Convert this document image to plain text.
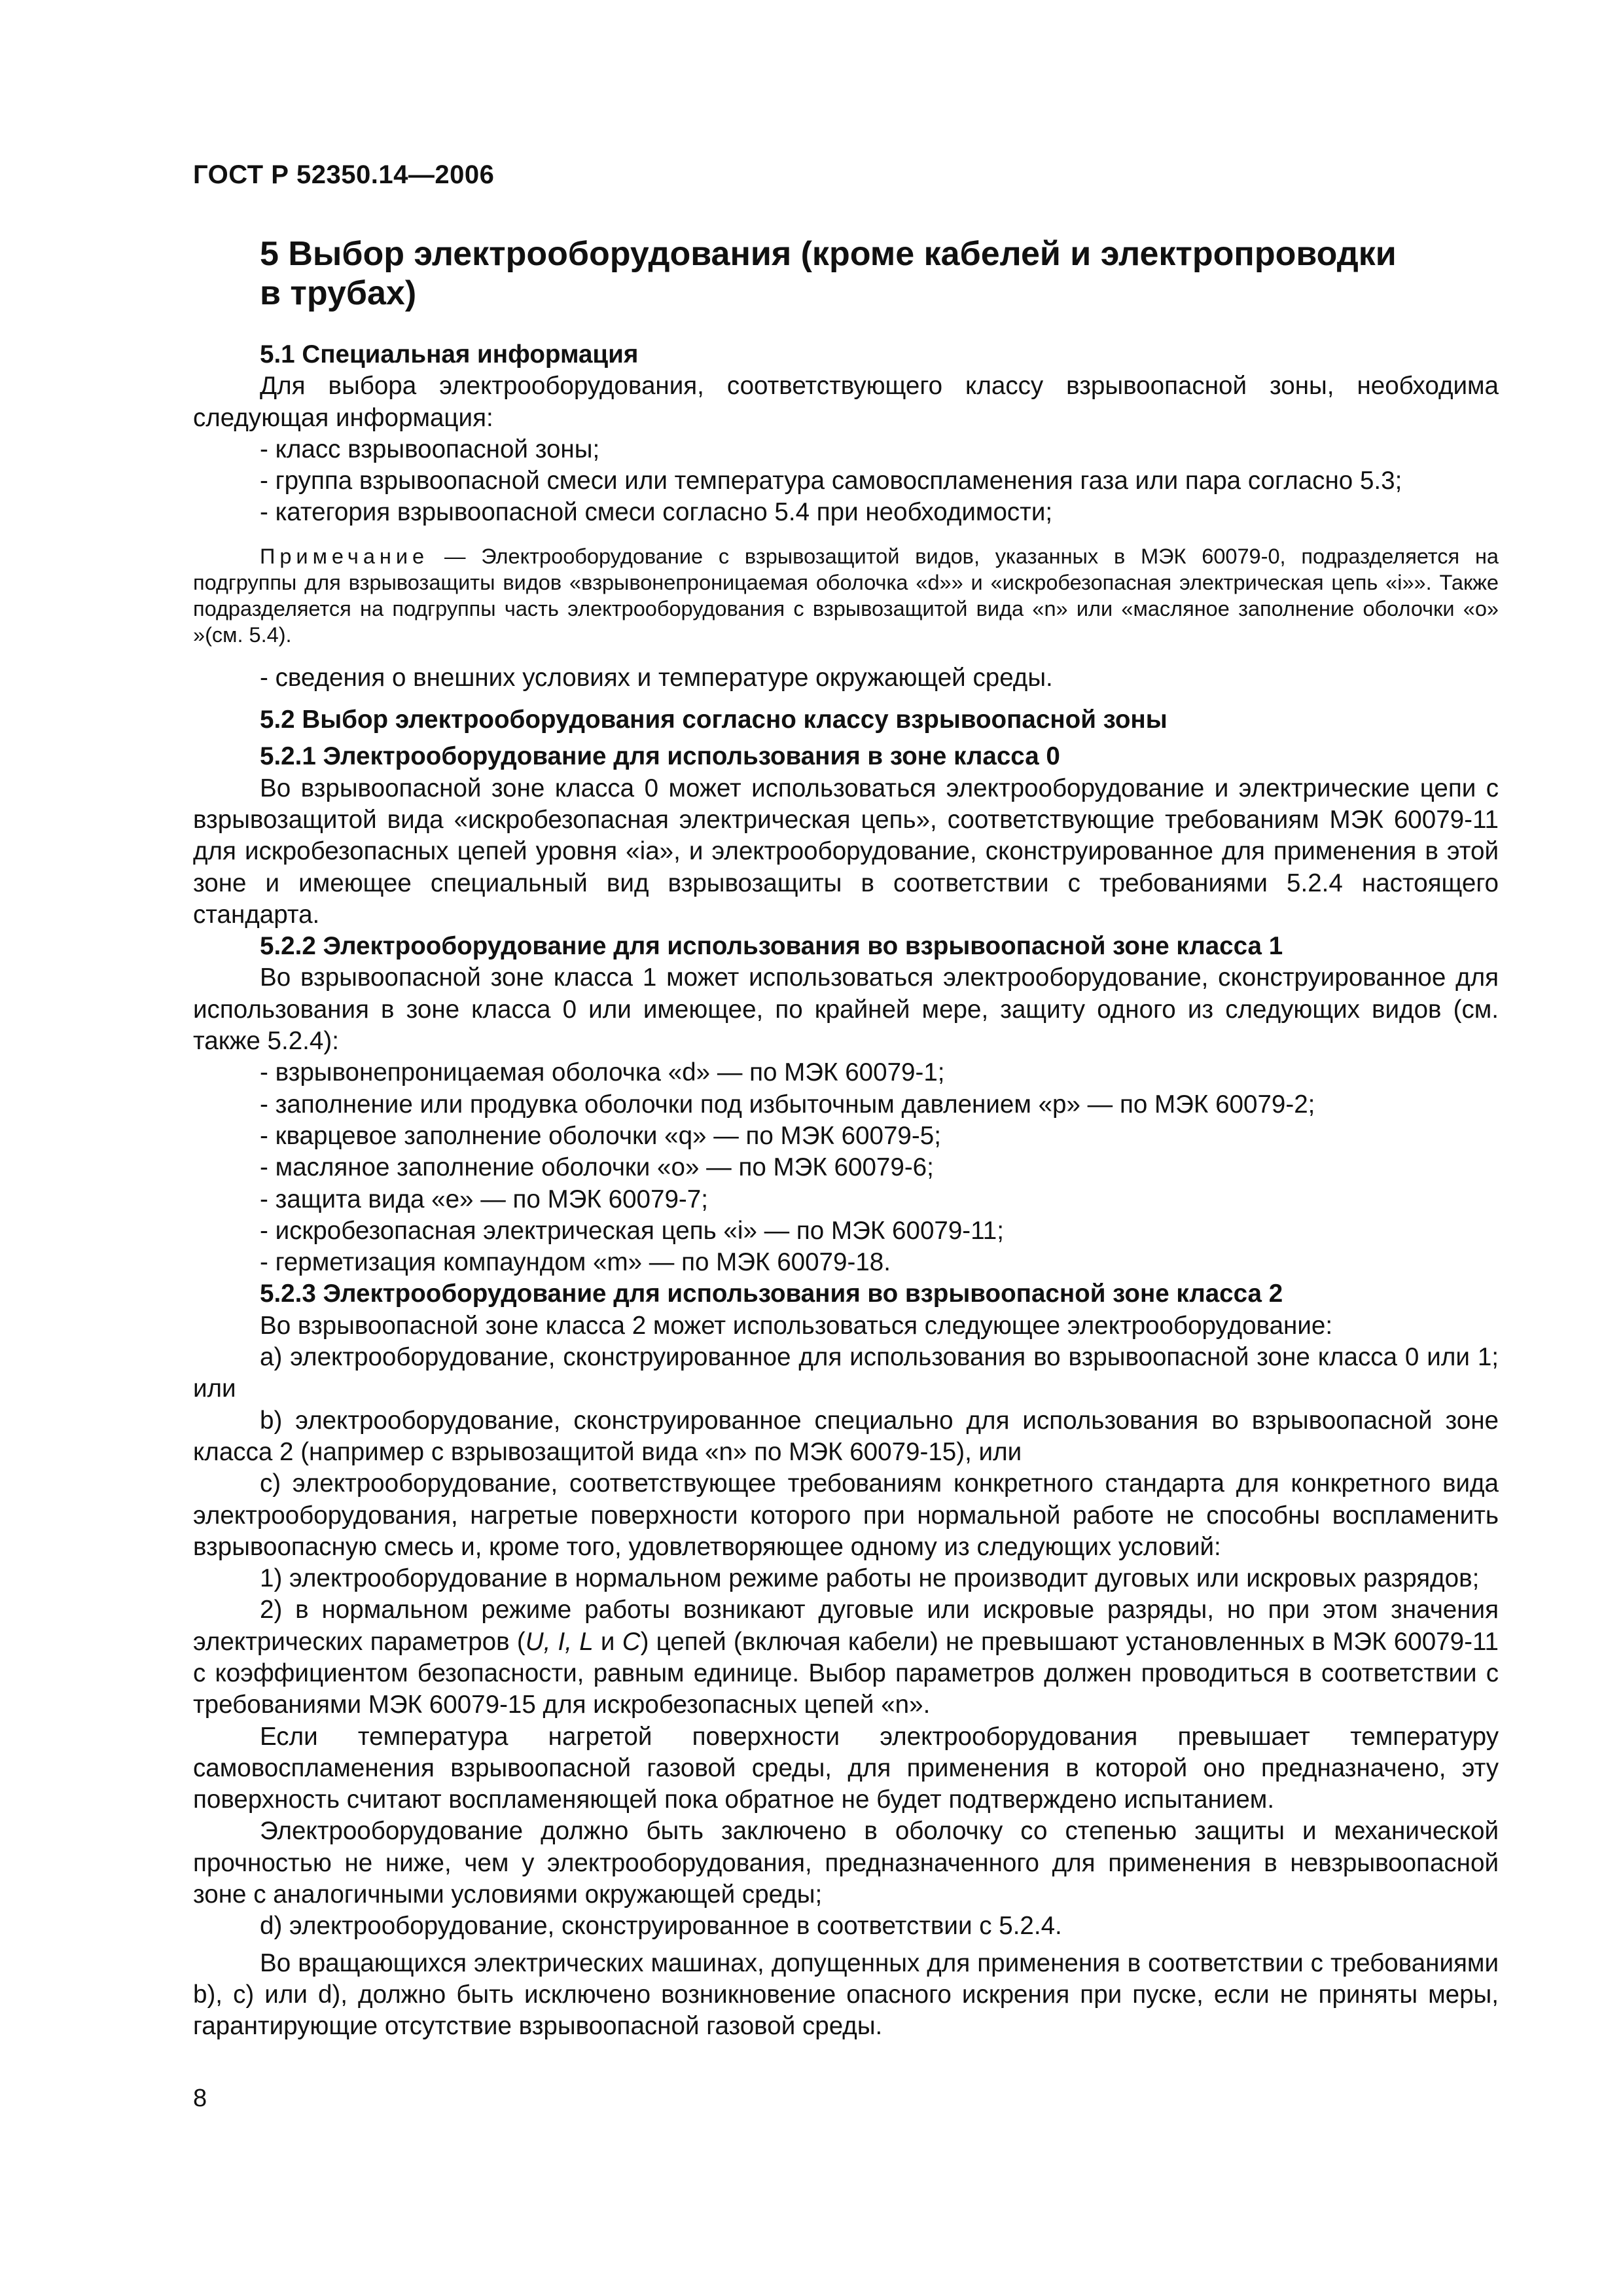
ГОСТ Р 52350.14—2006

5 Выбор электрооборудования (кроме кабелей и электропроводки в трубах)

5.1 Специальная информация

Для выбора электрооборудования, соответствующего классу взрывоопасной зоны, необходима следующая информация:

- класс взрывоопасной зоны;

- группа взрывоопасной смеси или температура самовоспламенения газа или пара согласно 5.3;

- категория взрывоопасной смеси согласно 5.4 при необходимости;

Примечание — Электрооборудование с взрывозащитой видов, указанных в МЭК 60079-0, подразделяется на подгруппы для взрывозащиты видов «взрывонепроницаемая оболочка «d»» и «искробезопасная электрическая цепь «i»». Также подразделяется на подгруппы часть электрооборудования с взрывозащитой вида «n» или «масляное заполнение оболочки «о» »(см. 5.4).

- сведения о внешних условиях и температуре окружающей среды.

5.2 Выбор электрооборудования согласно классу взрывоопасной зоны

5.2.1 Электрооборудование для использования в зоне класса 0

Во взрывоопасной зоне класса 0 может использоваться электрооборудование и электрические цепи с взрывозащитой вида «искробезопасная электрическая цепь», соответствующие требованиям МЭК 60079-11 для искробезопасных цепей уровня «ia», и электрооборудование, сконструированное для применения в этой зоне и имеющее специальный вид взрывозащиты в соответствии с требованиями 5.2.4 настоящего стандарта.

5.2.2 Электрооборудование для использования во взрывоопасной зоне класса 1

Во взрывоопасной зоне класса 1 может использоваться электрооборудование, сконструированное для использования в зоне класса 0 или имеющее, по крайней мере, защиту одного из следующих видов (см. также 5.2.4):

- взрывонепроницаемая оболочка «d» — по МЭК 60079-1;

- заполнение или продувка оболочки под избыточным давлением «р» — по МЭК 60079-2;

- кварцевое заполнение оболочки «q» — по МЭК 60079-5;

- масляное заполнение оболочки «о» — по МЭК 60079-6;

- защита вида «е» — по МЭК 60079-7;

- искробезопасная электрическая цепь «i» — по МЭК 60079-11;

- герметизация компаундом «m» — по МЭК 60079-18.

5.2.3 Электрооборудование для использования во взрывоопасной зоне класса 2

Во взрывоопасной зоне класса 2 может использоваться следующее электрооборудование:

a) электрооборудование, сконструированное для использования во взрывоопасной зоне класса 0 или 1; или

b) электрооборудование, сконструированное специально для использования во взрывоопасной зоне класса 2 (например с взрывозащитой вида «n» по МЭК 60079-15), или

c) электрооборудование, соответствующее требованиям конкретного стандарта для конкретного вида электрооборудования, нагретые поверхности которого при нормальной работе не способны воспламенить взрывоопасную смесь и, кроме того, удовлетворяющее одному из следующих условий:

1) электрооборудование в нормальном режиме работы не производит дуговых или искровых разрядов;

2) в нормальном режиме работы возникают дуговые или искровые разряды, но при этом значения электрических параметров (U, I, L и C) цепей (включая кабели) не превышают установленных в МЭК 60079-11 с коэффициентом безопасности, равным единице. Выбор параметров должен проводиться в соответствии с требованиями МЭК 60079-15 для искробезопасных цепей «n».

Если температура нагретой поверхности электрооборудования превышает температуру самовоспламенения взрывоопасной газовой среды, для применения в которой оно предназначено, эту поверхность считают воспламеняющей пока обратное не будет подтверждено испытанием.

Электрооборудование должно быть заключено в оболочку со степенью защиты и механической прочностью не ниже, чем у электрооборудования, предназначенного для применения в невзрывоопасной зоне с аналогичными условиями окружающей среды;

d) электрооборудование, сконструированное в соответствии с 5.2.4.

Во вращающихся электрических машинах, допущенных для применения в соответствии с требованиями b), c) или d), должно быть исключено возникновение опасного искрения при пуске, если не приняты меры, гарантирующие отсутствие взрывоопасной газовой среды.

8
